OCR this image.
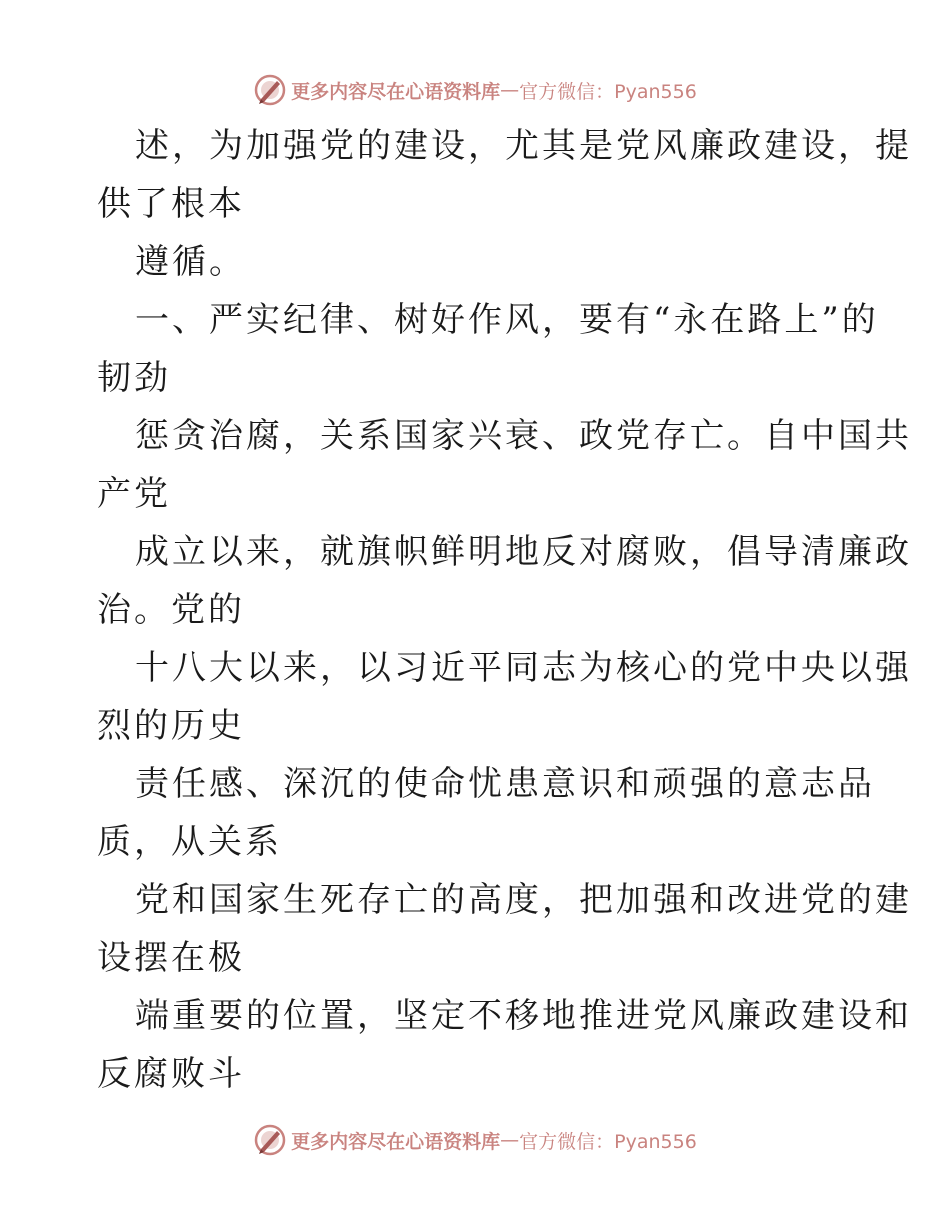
更多内容尽在心语资料库 — 官方微信：Pyan556
述，为加强党的建设，尤其是党风廉政建设，提
供了根本
遵循。
一、严实纪律、树好作风，要有“永在路上”的
韧劲
惩贪治腐，关系国家兴衰、政党存亡。自中国共
产党
成立以来，就旗帜鲜明地反对腐败，倡导清廉政
治。党的
十八大以来，以习近平同志为核心的党中央以强
烈的历史
责任感、深沉的使命忧患意识和顽强的意志品
质，从关系
党和国家生死存亡的高度，把加强和改进党的建
设摆在极
端重要的位置，坚定不移地推进党风廉政建设和
反腐败斗
更多内容尽在心语资料库 — 官方微信：Pyan556
